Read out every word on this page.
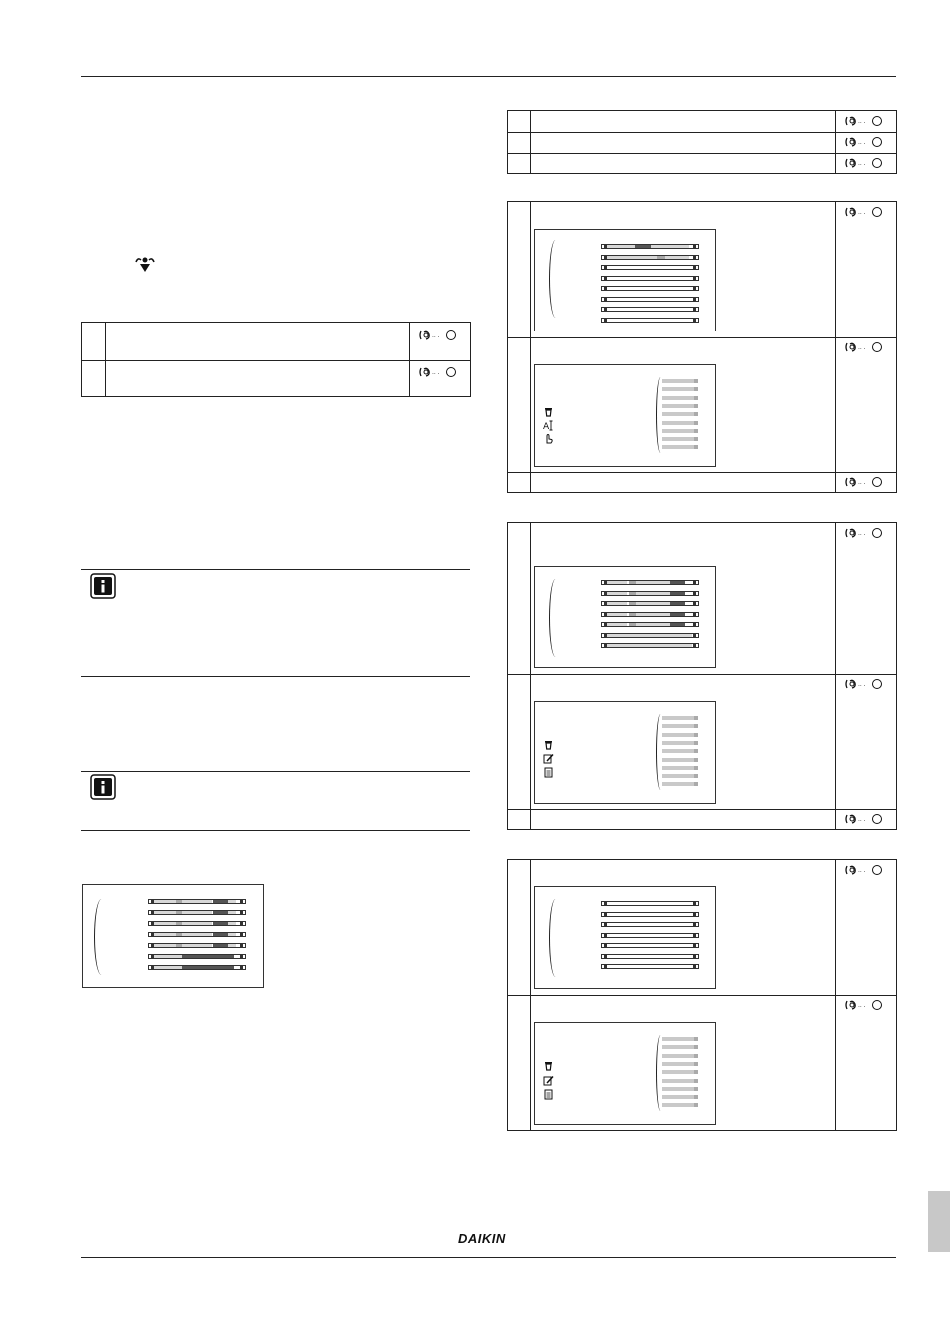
·· ·
·· ·
·· ·
·· ·
·· ·
·· ·
·· ·
·· ·
A
·· ·
·· ·
·· ·
·· ·
·· ·
DAIKIN
